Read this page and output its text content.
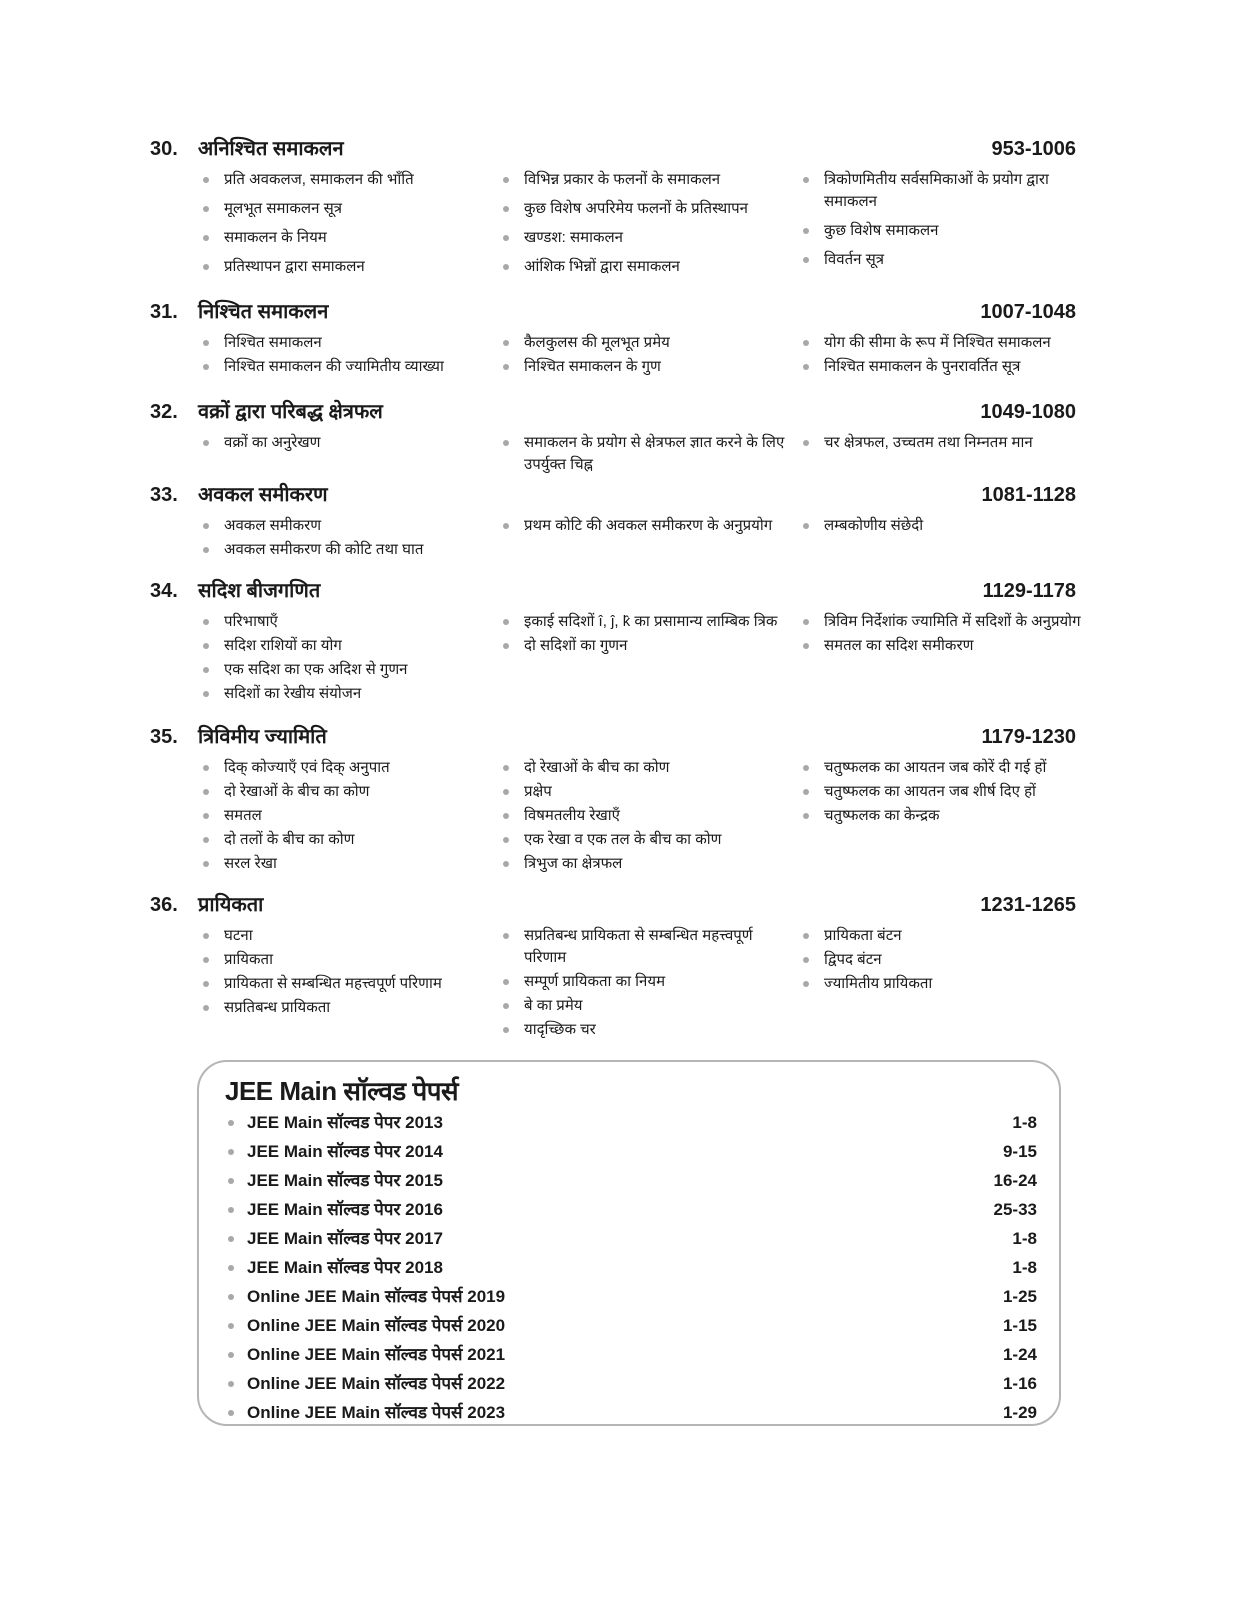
30. अनिश्चित समाकलन	953-1006
प्रति अवकलज, समाकलन की भाँति
मूलभूत समाकलन सूत्र
समाकलन के नियम
प्रतिस्थापन द्वारा समाकलन
विभिन्न प्रकार के फलनों के समाकलन
कुछ विशेष अपरिमेय फलनों के प्रतिस्थापन
खण्डश: समाकलन
आंशिक भिन्नों द्वारा समाकलन
त्रिकोणमितीय सर्वसमिकाओं के प्रयोग द्वारा समाकलन
कुछ विशेष समाकलन
विवर्तन सूत्र
31. निश्चित समाकलन	1007-1048
निश्चित समाकलन
निश्चित समाकलन की ज्यामितीय व्याख्या
कैलकुलस की मूलभूत प्रमेय
निश्चित समाकलन के गुण
योग की सीमा के रूप में निश्चित समाकलन
निश्चित समाकलन के पुनरावर्तित सूत्र
32. वक्रों द्वारा परिबद्ध क्षेत्रफल	1049-1080
वक्रों का अनुरेखण	समाकलन के प्रयोग से क्षेत्रफल ज्ञात करने के लिए उपर्युक्त चिह्न
चर क्षेत्रफल, उच्चतम तथा निम्नतम मान
33. अवकल समीकरण	1081-1128
अवकल समीकरण
अवकल समीकरण की कोटि तथा घात
प्रथम कोटि की अवकल समीकरण के अनुप्रयोग	लम्बकोणीय संछेदी
34. सदिश बीजगणित	1129-1178
परिभाषाएँ
सदिश राशियों का योग
एक सदिश का एक अदिश से गुणन
सदिशों का रेखीय संयोजन
इकाई सदिशों î, ĵ, k̂ का प्रसामान्य लाम्बिक त्रिक
दो सदिशों का गुणन
त्रिविम निर्देशांक ज्यामिति में सदिशों के अनुप्रयोग
समतल का सदिश समीकरण
35. त्रिविमीय ज्यामिति	1179-1230
दिक् कोज्याएँ एवं दिक् अनुपात
दो रेखाओं के बीच का कोण
समतल
दो तलों के बीच का कोण
सरल रेखा
दो रेखाओं के बीच का कोण
प्रक्षेप
विषमतलीय रेखाएँ
एक रेखा व एक तल के बीच का कोण
त्रिभुज का क्षेत्रफल
चतुष्फलक का आयतन जब कोरें दी गई हों
चतुष्फलक का आयतन जब शीर्ष दिए हों
चतुष्फलक का केन्द्रक
36. प्रायिकता	1231-1265
घटना
प्रायिकता
प्रायिकता से सम्बन्धित महत्त्वपूर्ण परिणाम
सप्रतिबन्ध प्रायिकता
सप्रतिबन्ध प्रायिकता से सम्बन्धित महत्त्वपूर्ण परिणाम
सम्पूर्ण प्रायिकता का नियम
बे का प्रमेय
यादृच्छिक चर
प्रायिकता बंटन
द्विपद बंटन
ज्यामितीय प्रायिकता
JEE Main सॉल्वड पेपर्स
JEE Main सॉल्वड पेपर 2013	1-8
JEE Main सॉल्वड पेपर 2014	9-15
JEE Main सॉल्वड पेपर 2015	16-24
JEE Main सॉल्वड पेपर 2016	25-33
JEE Main सॉल्वड पेपर 2017	1-8
JEE Main सॉल्वड पेपर 2018	1-8
Online JEE Main सॉल्वड पेपर्स 2019	1-25
Online JEE Main सॉल्वड पेपर्स 2020	1-15
Online JEE Main सॉल्वड पेपर्स 2021	1-24
Online JEE Main सॉल्वड पेपर्स 2022	1-16
Online JEE Main सॉल्वड पेपर्स 2023	1-29
